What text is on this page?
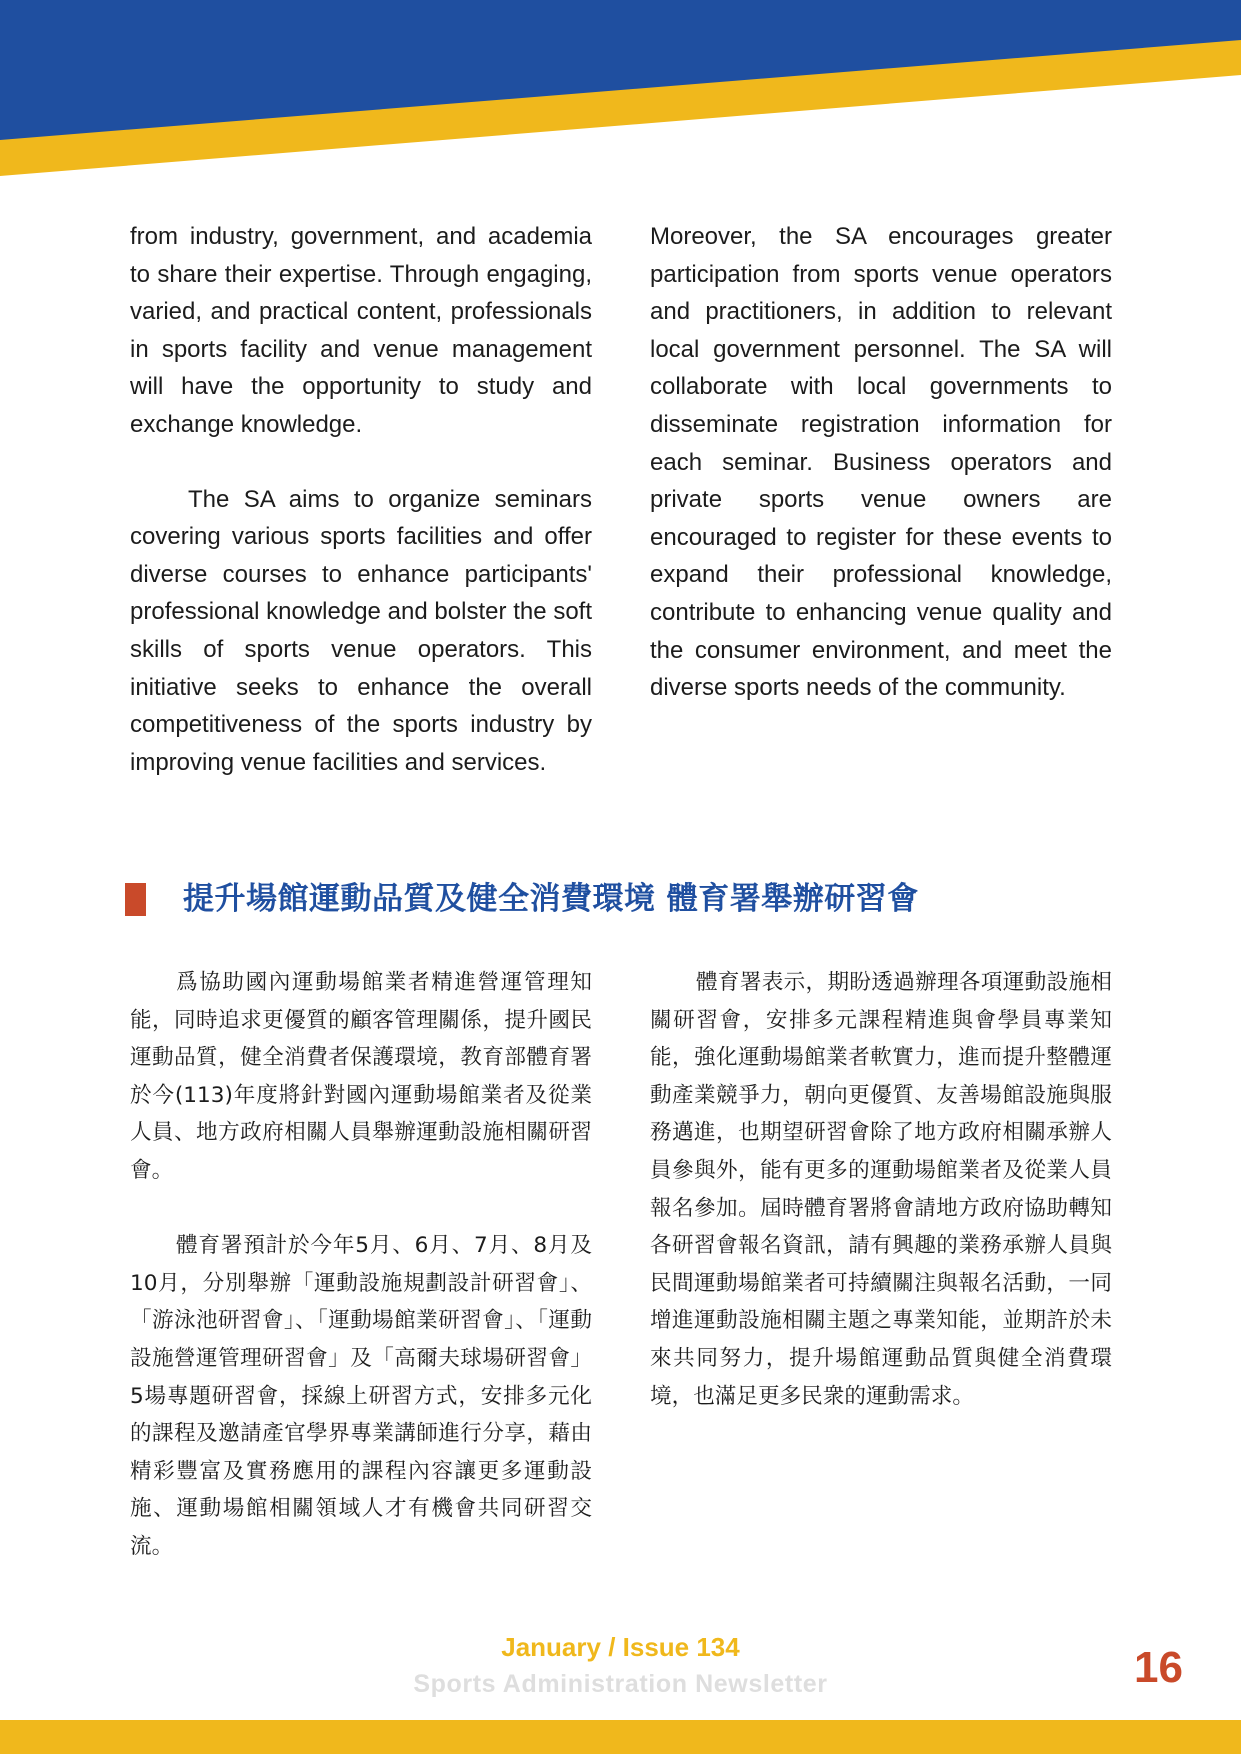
from industry, government, and academia to share their expertise. Through engaging, varied, and practical content, professionals in sports facility and venue management will have the opportunity to study and exchange knowledge.

The SA aims to organize seminars covering various sports facilities and offer diverse courses to enhance participants' professional knowledge and bolster the soft skills of sports venue operators. This initiative seeks to enhance the overall competitiveness of the sports industry by improving venue facilities and services.

Moreover, the SA encourages greater participation from sports venue operators and practitioners, in addition to relevant local government personnel. The SA will collaborate with local governments to disseminate registration information for each seminar. Business operators and private sports venue owners are encouraged to register for these events to expand their professional knowledge, contribute to enhancing venue quality and the consumer environment, and meet the diverse sports needs of the community.

提升場館運動品質及健全消費環境 體育署舉辦研習會

爲協助國內運動場館業者精進營運管理知能，同時追求更優質的顧客管理關係，提升國民運動品質，健全消費者保護環境，教育部體育署於今(113)年度將針對國內運動場館業者及從業人員、地方政府相關人員舉辦運動設施相關研習會。

體育署預計於今年5月、6月、7月、8月及10月，分別舉辦「運動設施規劃設計研習會」、「游泳池研習會」、「運動場館業研習會」、「運動設施營運管理研習會」及「高爾夫球場研習會」5場專題研習會，採線上研習方式，安排多元化的課程及邀請產官學界專業講師進行分享，藉由精彩豐富及實務應用的課程內容讓更多運動設施、運動場館相關領域人才有機會共同研習交流。

體育署表示，期盼透過辦理各項運動設施相關研習會，安排多元課程精進與會學員專業知能，強化運動場館業者軟實力，進而提升整體運動產業競爭力，朝向更優質、友善場館設施與服務邁進，也期望研習會除了地方政府相關承辦人員參與外，能有更多的運動場館業者及從業人員報名參加。屆時體育署將會請地方政府協助轉知各研習會報名資訊，請有興趣的業務承辦人員與民間運動場館業者可持續關注與報名活動，一同增進運動設施相關主題之專業知能，並期許於未來共同努力，提升場館運動品質與健全消費環境，也滿足更多民衆的運動需求。

January / Issue 134
Sports Administration Newsletter	16
